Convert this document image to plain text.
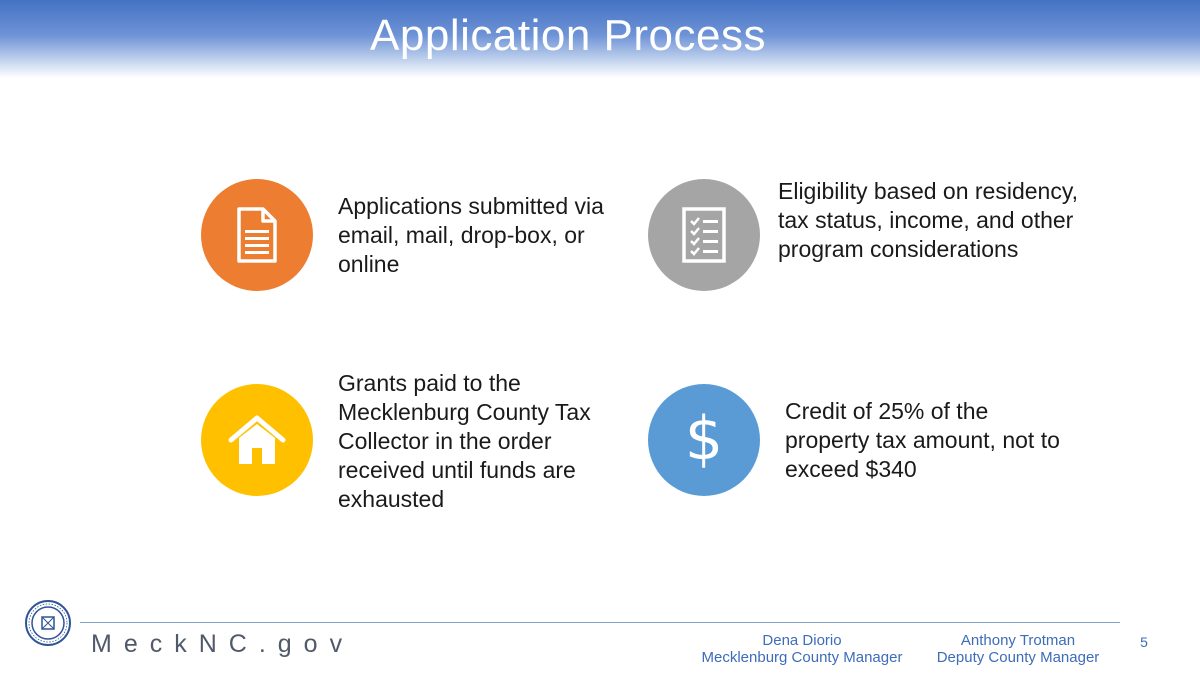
Application Process

Applications submitted via email, mail, drop-box, or online

Eligibility based on residency, tax status, income, and other program considerations

Grants paid to the Mecklenburg County Tax Collector in the order received until funds are exhausted

$	Credit of 25% of the property tax amount, not to exceed $340

MeckNC.gov	Dena Diorio
Mecklenburg County Manager
Anthony Trotman
Deputy County Manager
5
